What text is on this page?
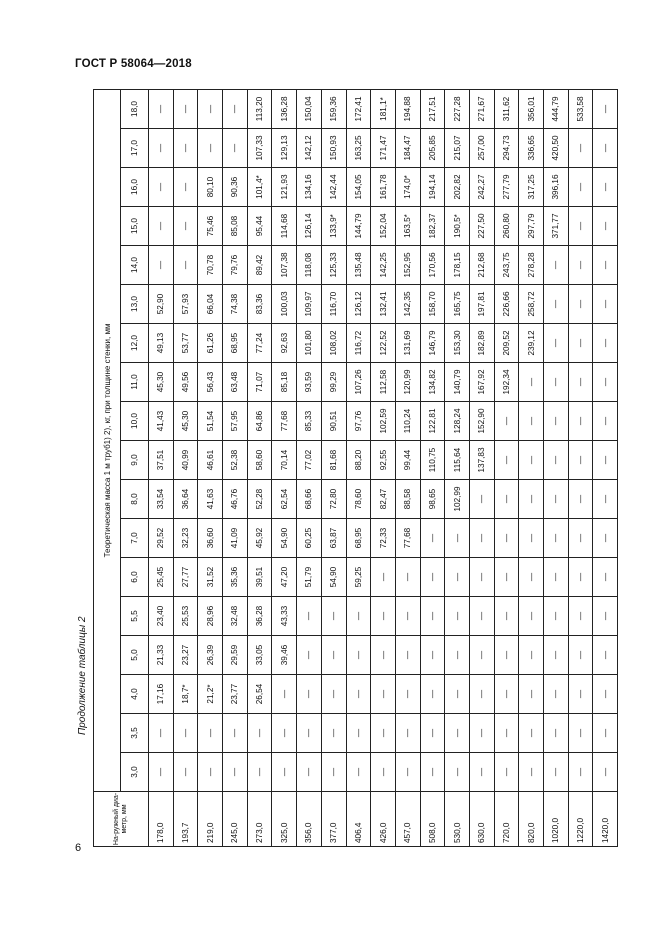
ГОСТ Р 58064—2018
Продолжение таблицы 2
6
На-ружный диа-метр, мм	Теоретическая масса 1 м труб1) 2), кг, при толщине стенки, мм																	
	3,0	3,5	4,0	5,0	5,5	6,0	7,0	8,0	9,0	10,0	11,0	12,0	13,0	14,0	15,0	16,0	17,0	18,0
178,0	—	—	17,16	21,33	23,40	25,45	29,52	33,54	37,51	41,43	45,30	49,13	52,90	—	—	—	—	—
193,7	—	—	18,7*	23,27	25,53	27,77	32,23	36,64	40,99	45,30	49,56	53,77	57,93	—	—	—	—	—
219,0	—	—	21,2*	26,39	28,96	31,52	36,60	41,63	46,61	51,54	56,43	61,26	66,04	70,78	75,46	80,10	—	—
245,0	—	—	23,77	29,59	32,48	35,36	41,09	46,76	52,38	57,95	63,48	68,95	74,38	79,76	85,08	90,36	—	—
273,0	—	—	26,54	33,05	36,28	39,51	45,92	52,28	58,60	64,86	71,07	77,24	83,36	89,42	95,44	101,4*	107,33	113,20
325,0	—	—	—	39,46	43,33	47,20	54,90	62,54	70,14	77,68	85,18	92,63	100,03	107,38	114,68	121,93	129,13	136,28
356,0	—	—	—	—	—	51,79	60,25	68,66	77,02	85,33	93,59	101,80	109,97	118,08	126,14	134,16	142,12	150,04
377,0	—	—	—	—	—	54,90	63,87	72,80	81,68	90,51	99,29	108,02	116,70	125,33	133,9*	142,44	150,93	159,36
406,4	—	—	—	—	—	59,25	68,95	78,60	88,20	97,76	107,26	116,72	126,12	135,48	144,79	154,05	163,25	172,41
426,0	—	—	—	—	—	—	72,33	82,47	92,55	102,59	112,58	122,52	132,41	142,25	152,04	161,78	171,47	181,1*
457,0	—	—	—	—	—	—	77,68	88,58	99,44	110,24	120,99	131,69	142,35	152,95	163,5*	174,0*	184,47	194,88
508,0	—	—	—	—	—	—	—	98,65	110,75	122,81	134,82	146,79	158,70	170,56	182,37	194,14	205,85	217,51
530,0	—	—	—	—	—	—	—	102,99	115,64	128,24	140,79	153,30	165,75	178,15	190,5*	202,82	215,07	227,28
630,0	—	—	—	—	—	—	—	—	137,83	152,90	167,92	182,89	197,81	212,68	227,50	242,27	257,00	271,67
720,0	—	—	—	—	—	—	—	—	—	—	192,34	209,52	226,66	243,75	260,80	277,79	294,73	311,62
820,0	—	—	—	—	—	—	—	—	—	—	—	239,12	258,72	278,28	297,79	317,25	336,65	356,01
1020,0	—	—	—	—	—	—	—	—	—	—	—	—	—	—	371,77	396,16	420,50	444,79
1220,0	—	—	—	—	—	—	—	—	—	—	—	—	—	—	—	—	—	533,58
1420,0	—	—	—	—	—	—	—	—	—	—	—	—	—	—	—	—	—	—
